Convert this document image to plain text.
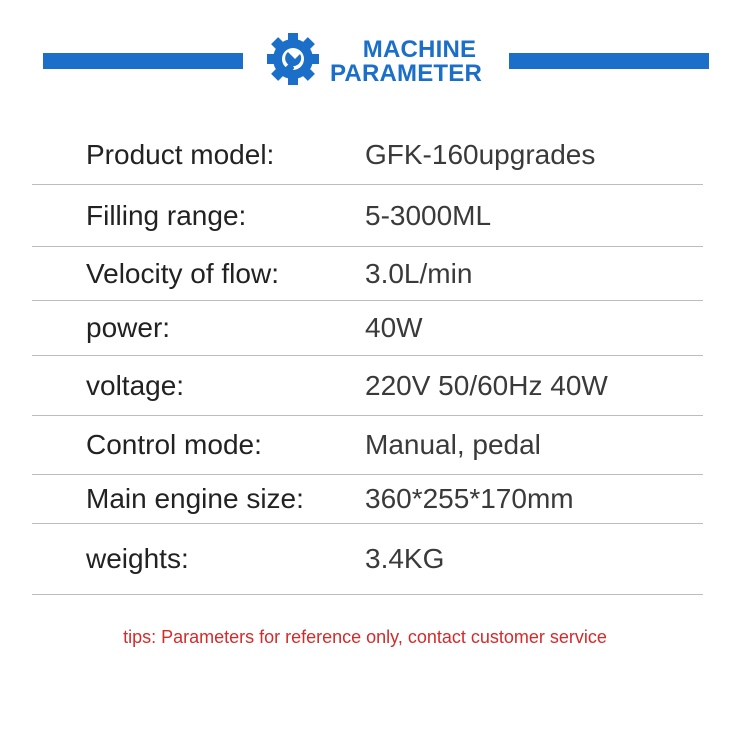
MACHINE
PARAMETER
Product model:	GFK-160upgrades
Filling range:	5-3000ML
Velocity of flow:	3.0L/min
power:	40W
voltage:	220V 50/60Hz 40W
Control mode:	Manual, pedal
Main engine size:	360*255*170mm
weights:	3.4KG
tips: Parameters for reference only, contact customer service
